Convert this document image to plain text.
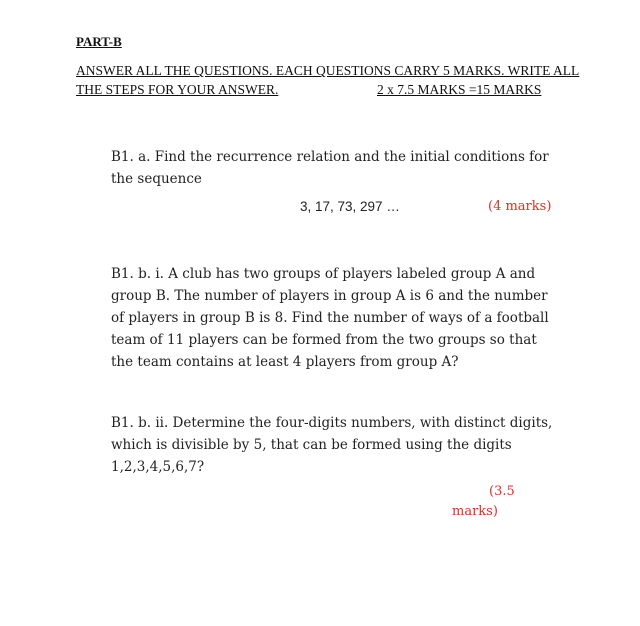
PART-B
ANSWER ALL THE QUESTIONS. EACH QUESTIONS CARRY 5 MARKS. WRITE ALL
THE STEPS FOR YOUR ANSWER.	2 x 7.5 MARKS =15 MARKS
B1. a. Find the recurrence relation and the initial conditions for
the sequence
3, 17, 73, 297 …	(4 marks)
B1. b. i. A club has two groups of players labeled group A and
group B. The number of players in group A is 6 and the number
of players in group B is 8. Find the number of ways of a football
team of 11 players can be formed from the two groups so that
the team contains at least 4 players from group A?
B1. b. ii. Determine the four-digits numbers, with distinct digits,
which is divisible by 5, that can be formed using the digits
1,2,3,4,5,6,7?
(3.5
marks)
